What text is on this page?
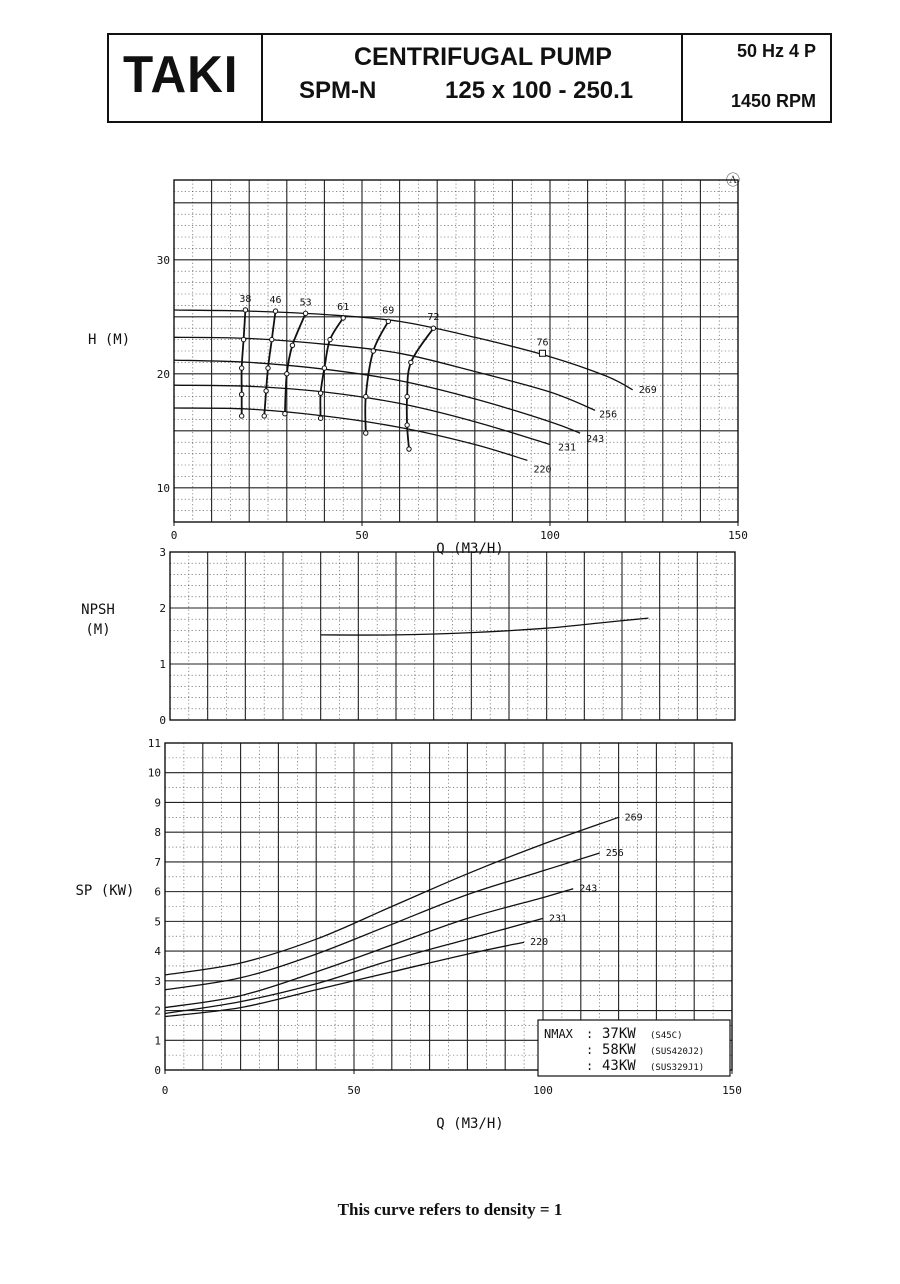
TAKI	CENTRIFUGAL PUMP
SPM-N	125 x 100 - 250.1
50 Hz 4 P
1450 RPM
0	50	100	150
10
20
30
H (M)
Q (M3/H)
Ⓐ
269
256
243
231
220
38 46 53	61	69
72
76
0
1
2
3
NPSH
(M)
0	50	100	150
0
1
2
3
4
5
6
7
8
9
10
11
SP (KW)
Q (M3/H)
269
256
243
231
220
NMAX : 37KW (S45C)
: 58KW (SUS420J2)
: 43KW (SUS329J1)
This curve refers to density = 1
